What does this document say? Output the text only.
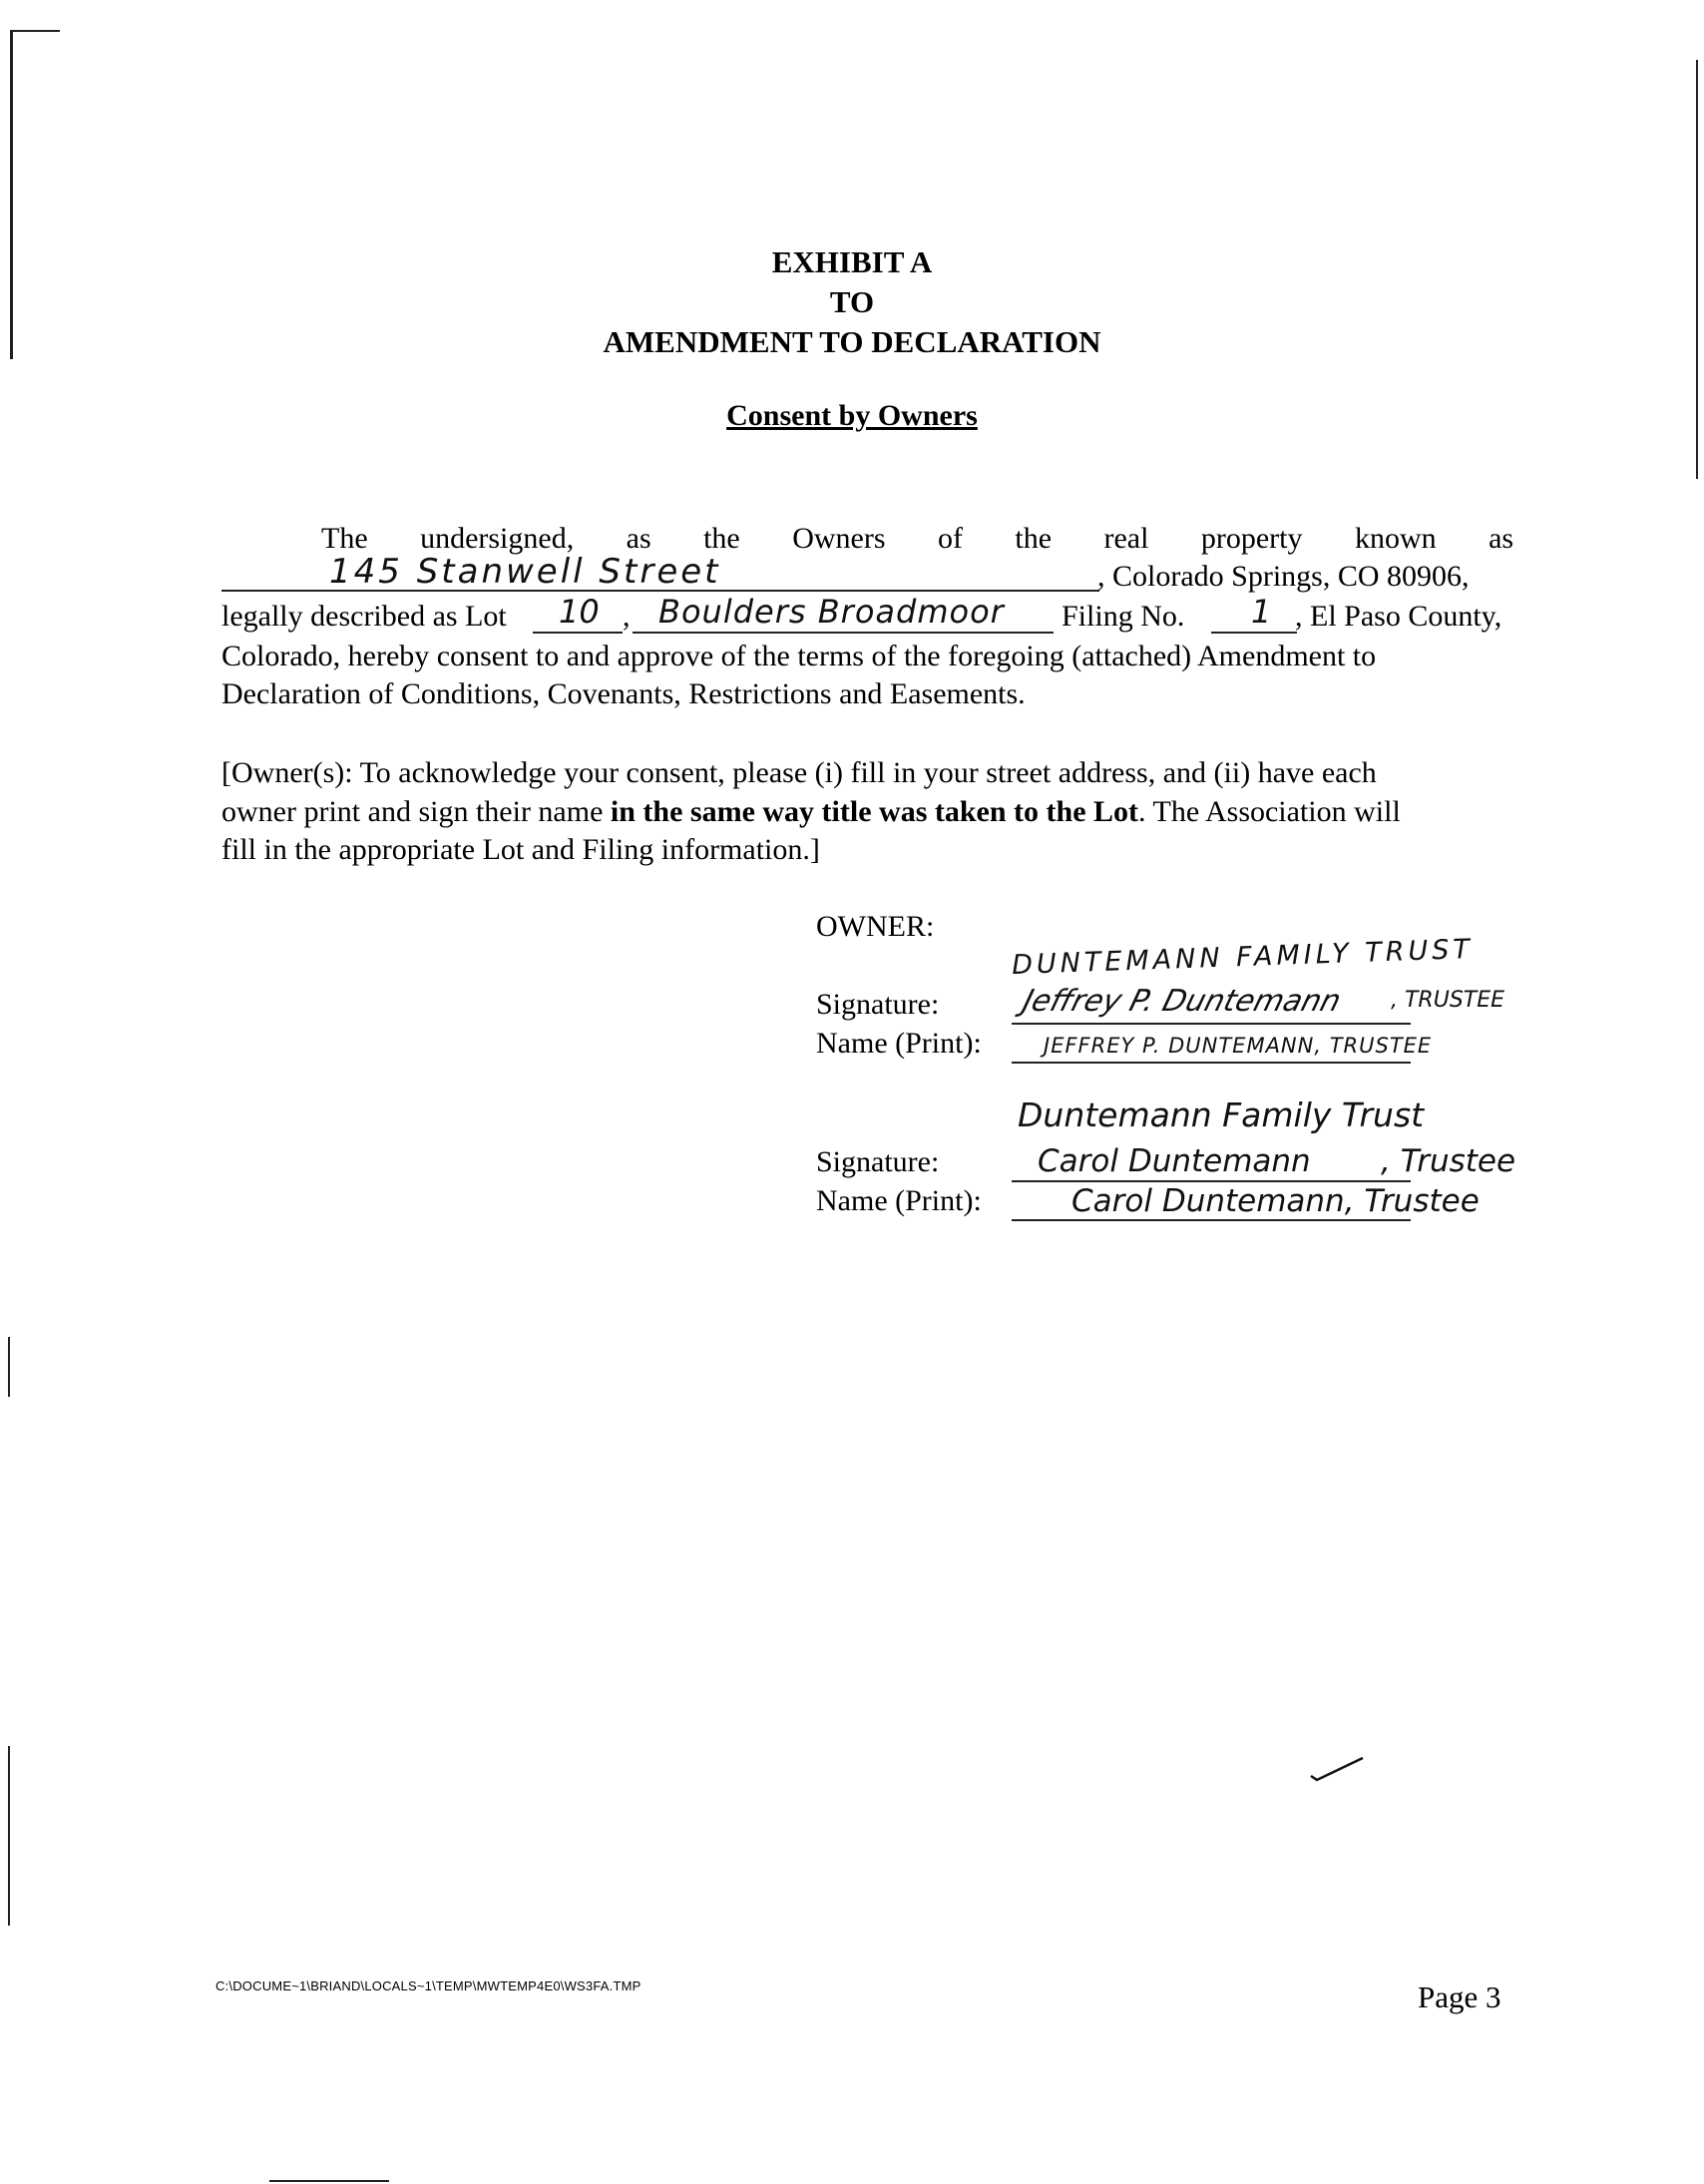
EXHIBIT A
TO
AMENDMENT TO DECLARATION
Consent by Owners
The undersigned, as the Owners of the real property known as
145 Stanwell Street	, Colorado Springs, CO 80906,
legally described as Lot 10 , Boulders Broadmoor Filing No. 1 , El Paso County,
Colorado, hereby consent to and approve of the terms of the foregoing (attached) Amendment to
Declaration of Conditions, Covenants, Restrictions and Easements.
[Owner(s): To acknowledge your consent, please (i) fill in your street address, and (ii) have each
owner print and sign their name in the same way title was taken to the Lot. The Association will
fill in the appropriate Lot and Filing information.]
OWNER:
DUNTEMANN FAMILY TRUST
Signature:	Jeffrey P. Duntemann , TRUSTEE
Name (Print):	JEFFREY P. DUNTEMANN, TRUSTEE
Duntemann Family Trust
Signature:	Carol Duntemann , Trustee
Name (Print):	Carol Duntemann, Trustee
C:\DOCUME~1\BRIAND\LOCALS~1\TEMP\MWTEMP4E0\WS3FA.TMP	Page 3
